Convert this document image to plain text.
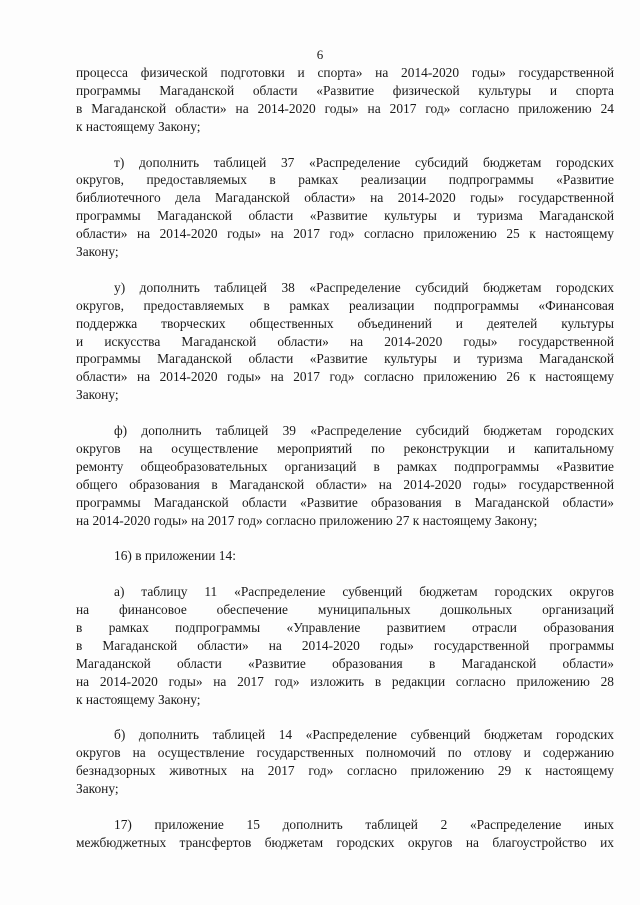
6
процесса физической подготовки и спорта» на 2014-2020 годы» государственной
программы Магаданской области «Развитие физической культуры и спорта
в Магаданской области» на 2014-2020 годы» на 2017 год» согласно приложению 24
к настоящему Закону;
т) дополнить таблицей 37 «Распределение субсидий бюджетам городских
округов, предоставляемых в рамках реализации подпрограммы «Развитие
библиотечного дела Магаданской области» на 2014-2020 годы» государственной
программы Магаданской области «Развитие культуры и туризма Магаданской
области» на 2014-2020 годы» на 2017 год» согласно приложению 25 к настоящему
Закону;
у) дополнить таблицей 38 «Распределение субсидий бюджетам городских
округов, предоставляемых в рамках реализации подпрограммы «Финансовая
поддержка творческих общественных объединений и деятелей культуры
и искусства Магаданской области» на 2014-2020 годы» государственной
программы Магаданской области «Развитие культуры и туризма Магаданской
области» на 2014-2020 годы» на 2017 год» согласно приложению 26 к настоящему
Закону;
ф) дополнить таблицей 39 «Распределение субсидий бюджетам городских
округов на осуществление мероприятий по реконструкции и капитальному
ремонту общеобразовательных организаций в рамках подпрограммы «Развитие
общего образования в Магаданской области» на 2014-2020 годы» государственной
программы Магаданской области «Развитие образования в Магаданской области»
на 2014-2020 годы» на 2017 год» согласно приложению 27 к настоящему Закону;
16) в приложении 14:
а) таблицу 11 «Распределение субвенций бюджетам городских округов
на финансовое обеспечение муниципальных дошкольных организаций
в рамках подпрограммы «Управление развитием отрасли образования
в Магаданской области» на 2014-2020 годы» государственной программы
Магаданской области «Развитие образования в Магаданской области»
на 2014-2020 годы» на 2017 год» изложить в редакции согласно приложению 28
к настоящему Закону;
б) дополнить таблицей 14 «Распределение субвенций бюджетам городских
округов на осуществление государственных полномочий по отлову и содержанию
безнадзорных животных на 2017 год» согласно приложению 29 к настоящему
Закону;
17) приложение 15 дополнить таблицей 2 «Распределение иных
межбюджетных трансфертов бюджетам городских округов на благоустройство их
